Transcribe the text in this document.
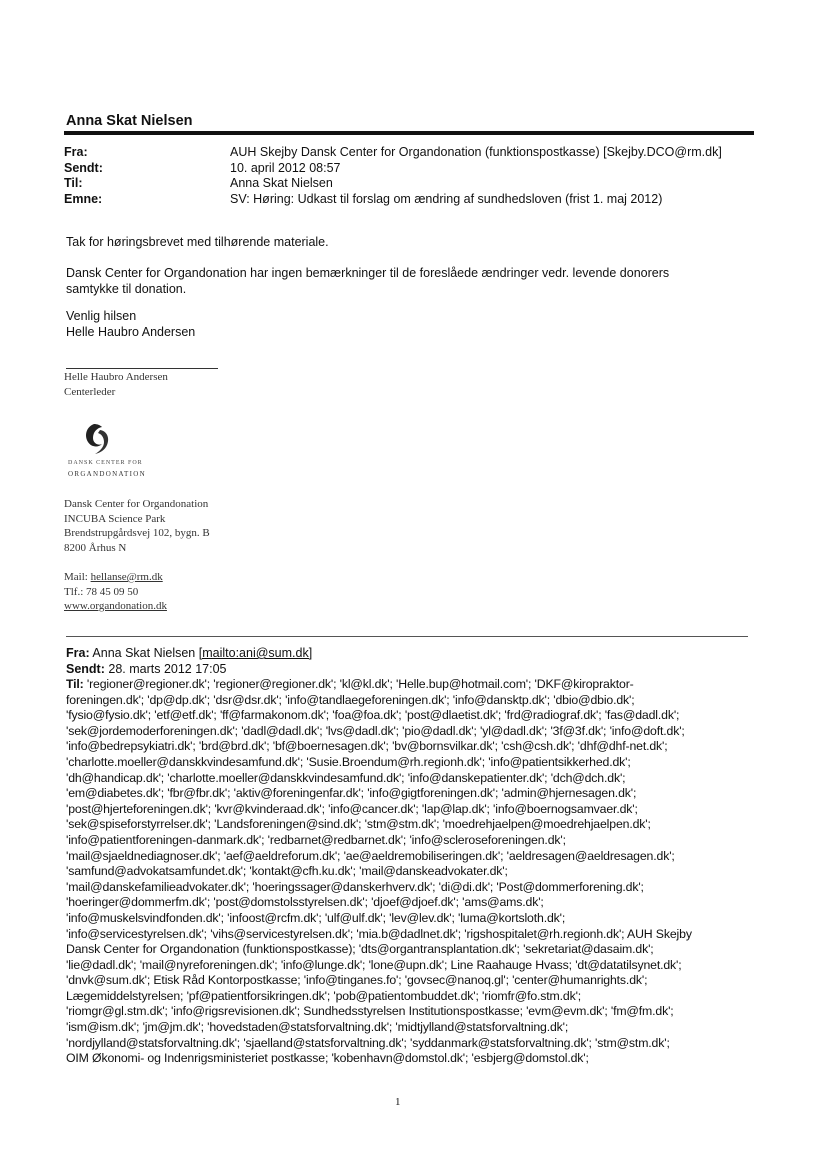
Anna Skat Nielsen
Fra:	AUH Skejby Dansk Center for Organdonation (funktionspostkasse) [Skejby.DCO@rm.dk]
Sendt:	10. april 2012 08:57
Til:	Anna Skat Nielsen
Emne:	SV: Høring: Udkast til forslag om ændring af sundhedsloven (frist 1. maj 2012)
Tak for høringsbrevet med tilhørende materiale.
Dansk Center for Organdonation har ingen bemærkninger til de foreslåede ændringer vedr. levende donorers
samtykke til donation.
Venlig hilsen
Helle Haubro Andersen
Helle Haubro Andersen
Centerleder
DANSK CENTER FOR
ORGANDONATION
Dansk Center for Organdonation
INCUBA Science Park
Brendstrupgårdsvej 102, bygn. B
8200 Århus N
Mail: hellanse@rm.dk
Tlf.: 78 45 09 50
www.organdonation.dk
Fra: Anna Skat Nielsen [mailto:ani@sum.dk]
Sendt: 28. marts 2012 17:05
Til: 'regioner@regioner.dk'; 'regioner@regioner.dk'; 'kl@kl.dk'; 'Helle.bup@hotmail.com'; 'DKF@kiropraktor-
foreningen.dk'; 'dp@dp.dk'; 'dsr@dsr.dk'; 'info@tandlaegeforeningen.dk'; 'info@dansktp.dk'; 'dbio@dbio.dk';
'fysio@fysio.dk'; 'etf@etf.dk'; 'ff@farmakonom.dk'; 'foa@foa.dk'; 'post@dlaetist.dk'; 'frd@radiograf.dk'; 'fas@dadl.dk';
'sek@jordemoderforeningen.dk'; 'dadl@dadl.dk'; 'lvs@dadl.dk'; 'pio@dadl.dk'; 'yl@dadl.dk'; '3f@3f.dk'; 'info@doft.dk';
'info@bedrepsykiatri.dk'; 'brd@brd.dk'; 'bf@boernesagen.dk'; 'bv@bornsvilkar.dk'; 'csh@csh.dk'; 'dhf@dhf-net.dk';
'charlotte.moeller@danskkvindesamfund.dk'; 'Susie.Broendum@rh.regionh.dk'; 'info@patientsikkerhed.dk';
'dh@handicap.dk'; 'charlotte.moeller@danskkvindesamfund.dk'; 'info@danskepatienter.dk'; 'dch@dch.dk';
'em@diabetes.dk'; 'fbr@fbr.dk'; 'aktiv@foreningenfar.dk'; 'info@gigtforeningen.dk'; 'admin@hjernesagen.dk';
'post@hjerteforeningen.dk'; 'kvr@kvinderaad.dk'; 'info@cancer.dk'; 'lap@lap.dk'; 'info@boernogsamvaer.dk';
'sek@spiseforstyrrelser.dk'; 'Landsforeningen@sind.dk'; 'stm@stm.dk'; 'moedrehjaelpen@moedrehjaelpen.dk';
'info@patientforeningen-danmark.dk'; 'redbarnet@redbarnet.dk'; 'info@scleroseforeningen.dk';
'mail@sjaeldnediagnoser.dk'; 'aef@aeldreforum.dk'; 'ae@aeldremobiliseringen.dk'; 'aeldresagen@aeldresagen.dk';
'samfund@advokatsamfundet.dk'; 'kontakt@cfh.ku.dk'; 'mail@danskeadvokater.dk';
'mail@danskefamilieadvokater.dk'; 'hoeringssager@danskerhverv.dk'; 'di@di.dk'; 'Post@dommerforening.dk';
'hoeringer@dommerfm.dk'; 'post@domstolsstyrelsen.dk'; 'djoef@djoef.dk'; 'ams@ams.dk';
'info@muskelsvindfonden.dk'; 'infoost@rcfm.dk'; 'ulf@ulf.dk'; 'lev@lev.dk'; 'luma@kortsloth.dk';
'info@servicestyrelsen.dk'; 'vihs@servicestyrelsen.dk'; 'mia.b@dadlnet.dk'; 'rigshospitalet@rh.regionh.dk'; AUH Skejby
Dansk Center for Organdonation (funktionspostkasse); 'dts@organtransplantation.dk'; 'sekretariat@dasaim.dk';
'lie@dadl.dk'; 'mail@nyreforeningen.dk'; 'info@lunge.dk'; 'lone@upn.dk'; Line Raahauge Hvass; 'dt@datatilsynet.dk';
'dnvk@sum.dk'; Etisk Råd Kontorpostkasse; 'info@tinganes.fo'; 'govsec@nanoq.gl'; 'center@humanrights.dk';
Lægemiddelstyrelsen; 'pf@patientforsikringen.dk'; 'pob@patientombuddet.dk'; 'riomfr@fo.stm.dk';
'riomgr@gl.stm.dk'; 'info@rigsrevisionen.dk'; Sundhedsstyrelsen Institutionspostkasse; 'evm@evm.dk'; 'fm@fm.dk';
'ism@ism.dk'; 'jm@jm.dk'; 'hovedstaden@statsforvaltning.dk'; 'midtjylland@statsforvaltning.dk';
'nordjylland@statsforvaltning.dk'; 'sjaelland@statsforvaltning.dk'; 'syddanmark@statsforvaltning.dk'; 'stm@stm.dk';
OIM Økonomi- og Indenrigsministeriet postkasse; 'kobenhavn@domstol.dk'; 'esbjerg@domstol.dk';
1
